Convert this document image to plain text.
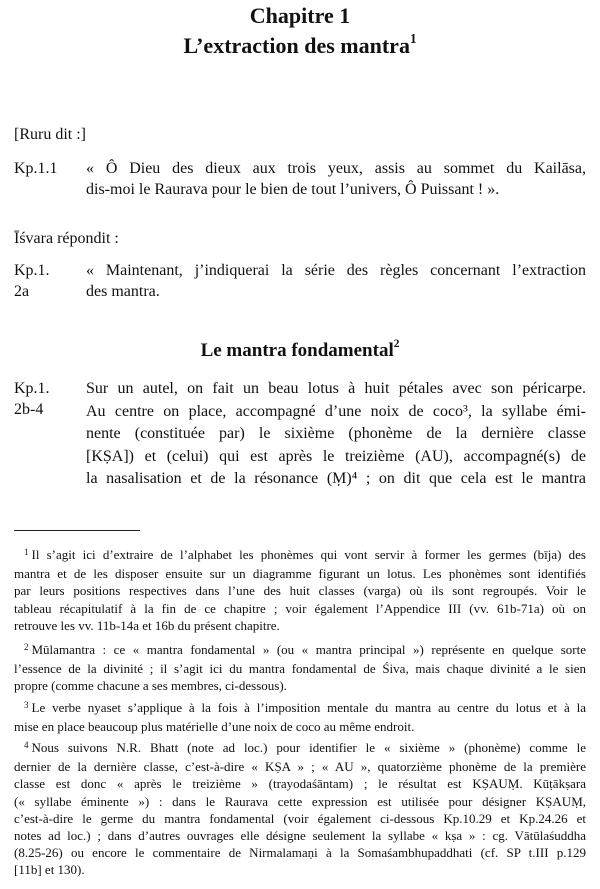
Chapitre 1
L’extraction des mantra$^1$
[Ruru dit :]
Kp.1.1	« Ô Dieu des dieux aux trois yeux, assis au sommet du Kailāsa,
dis-moi le Raurava pour le bien de tout l’univers, Ô Puissant ! ».
Īśvara répondit :
Kp.1.
2a
« Maintenant, j’indiquerai la série des règles concernant l’extraction
des mantra.
Le mantra fondamental$^2$
Kp.1.
2b-4
Sur un autel, on fait un beau lotus à huit pétales avec son péricarpe.
Au centre on place, accompagné d’une noix de coco³, la syllabe émi-
nente (constituée par) le sixième (phonème de la dernière classe
[KṢA]) et (celui) qui est après le treizième (AU), accompagné(s) de
la nasalisation et de la résonance (Ṃ)⁴ ; on dit que cela est le mantra
$^1$ Il s’agit ici d’extraire de l’alphabet les phonèmes qui vont servir à former les germes (bīja) des
mantra et de les disposer ensuite sur un diagramme figurant un lotus. Les phonèmes sont identifiés
par leurs positions respectives dans l’une des huit classes (varga) où ils sont regroupés. Voir le
tableau récapitulatif à la fin de ce chapitre ; voir également l’Appendice III (vv. 61b-71a) où on
retrouve les vv. 11b-14a et 16b du présent chapitre.
$^2$ Mūlamantra : ce « mantra fondamental » (ou « mantra principal ») représente en quelque sorte
l’essence de la divinité ; il s’agit ici du mantra fondamental de Śiva, mais chaque divinité a le sien
propre (comme chacune a ses membres, ci-dessous).
$^3$ Le verbe nyaset s’applique à la fois à l’imposition mentale du mantra au centre du lotus et à la
mise en place beaucoup plus matérielle d’une noix de coco au même endroit.
$^4$ Nous suivons N.R. Bhatt (note ad loc.) pour identifier le « sixième » (phonème) comme le
dernier de la dernière classe, c’est-à-dire « KṢA » ; « AU », quatorzième phonème de la première
classe est donc « après le treizième » (trayodaśāntam) ; le résultat est KṢAUṂ. Kūṭākṣara
(« syllabe éminente ») : dans le Raurava cette expression est utilisée pour désigner KṢAUṂ,
c’est-à-dire le germe du mantra fondamental (voir également ci-dessous Kp.10.29 et Kp.24.26 et
notes ad loc.) ; dans d’autres ouvrages elle désigne seulement la syllabe « kṣa » : cg. Vātūlaśuddha
(8.25-26) ou encore le commentaire de Nirmalamaṇi à la Somaśambhupaddhati (cf. SP t.III p.129
[11b] et 130).
